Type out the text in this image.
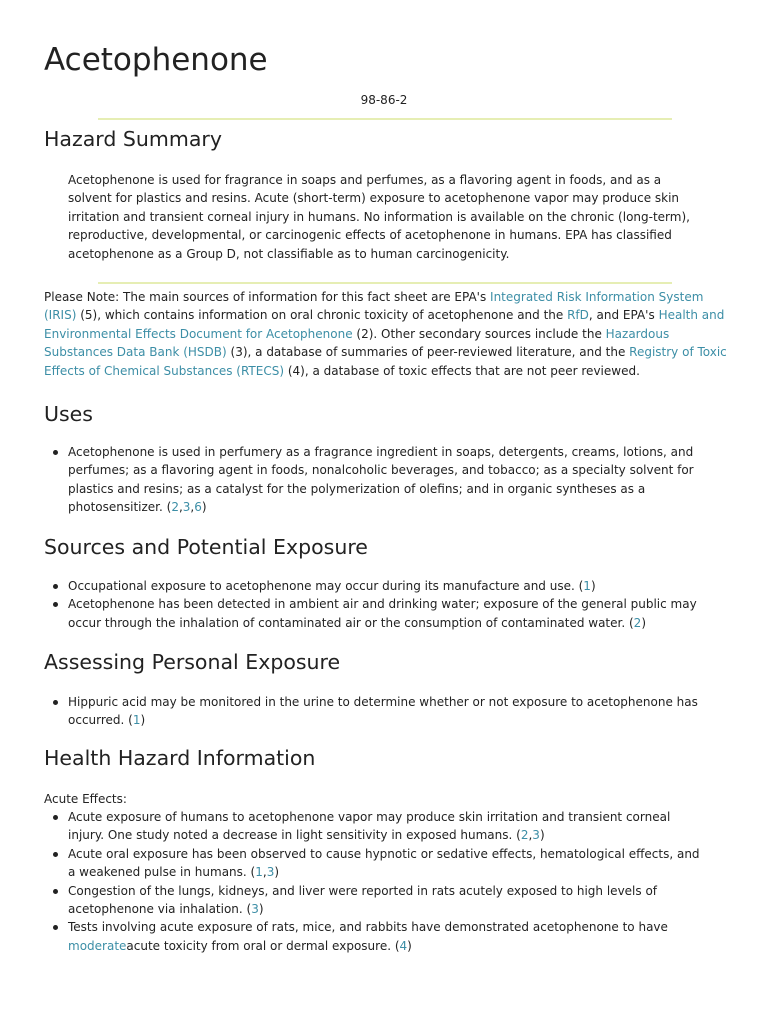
Acetophenone
98-86-2
Hazard Summary

Acetophenone is used for fragrance in soaps and perfumes, as a flavoring agent in foods, and as a solvent for plastics and resins. Acute (short-term) exposure to acetophenone vapor may produce skin irritation and transient corneal injury in humans. No information is available on the chronic (long-term), reproductive, developmental, or carcinogenic effects of acetophenone in humans. EPA has classified acetophenone as a Group D, not classifiable as to human carcinogenicity.

Please Note: The main sources of information for this fact sheet are EPA's Integrated Risk Information System (IRIS) (5), which contains information on oral chronic toxicity of acetophenone and the RfD, and EPA's Health and Environmental Effects Document for Acetophenone (2). Other secondary sources include the Hazardous Substances Data Bank (HSDB) (3), a database of summaries of peer-reviewed literature, and the Registry of Toxic Effects of Chemical Substances (RTECS) (4), a database of toxic effects that are not peer reviewed.

Uses
Acetophenone is used in perfumery as a fragrance ingredient in soaps, detergents, creams, lotions, and perfumes; as a flavoring agent in foods, nonalcoholic beverages, and tobacco; as a specialty solvent for plastics and resins; as a catalyst for the polymerization of olefins; and in organic syntheses as a photosensitizer. (2,3,6)
Sources and Potential Exposure
Occupational exposure to acetophenone may occur during its manufacture and use. (1)
Acetophenone has been detected in ambient air and drinking water; exposure of the general public may occur through the inhalation of contaminated air or the consumption of contaminated water. (2)
Assessing Personal Exposure
Hippuric acid may be monitored in the urine to determine whether or not exposure to acetophenone has occurred. (1)
Health Hazard Information

Acute Effects:

Acute exposure of humans to acetophenone vapor may produce skin irritation and transient corneal injury. One study noted a decrease in light sensitivity in exposed humans. (2,3)
Acute oral exposure has been observed to cause hypnotic or sedative effects, hematological effects, and a weakened pulse in humans. (1,3)
Congestion of the lungs, kidneys, and liver were reported in rats acutely exposed to high levels of acetophenone via inhalation. (3)
Tests involving acute exposure of rats, mice, and rabbits have demonstrated acetophenone to have moderateacute toxicity from oral or dermal exposure. (4)
